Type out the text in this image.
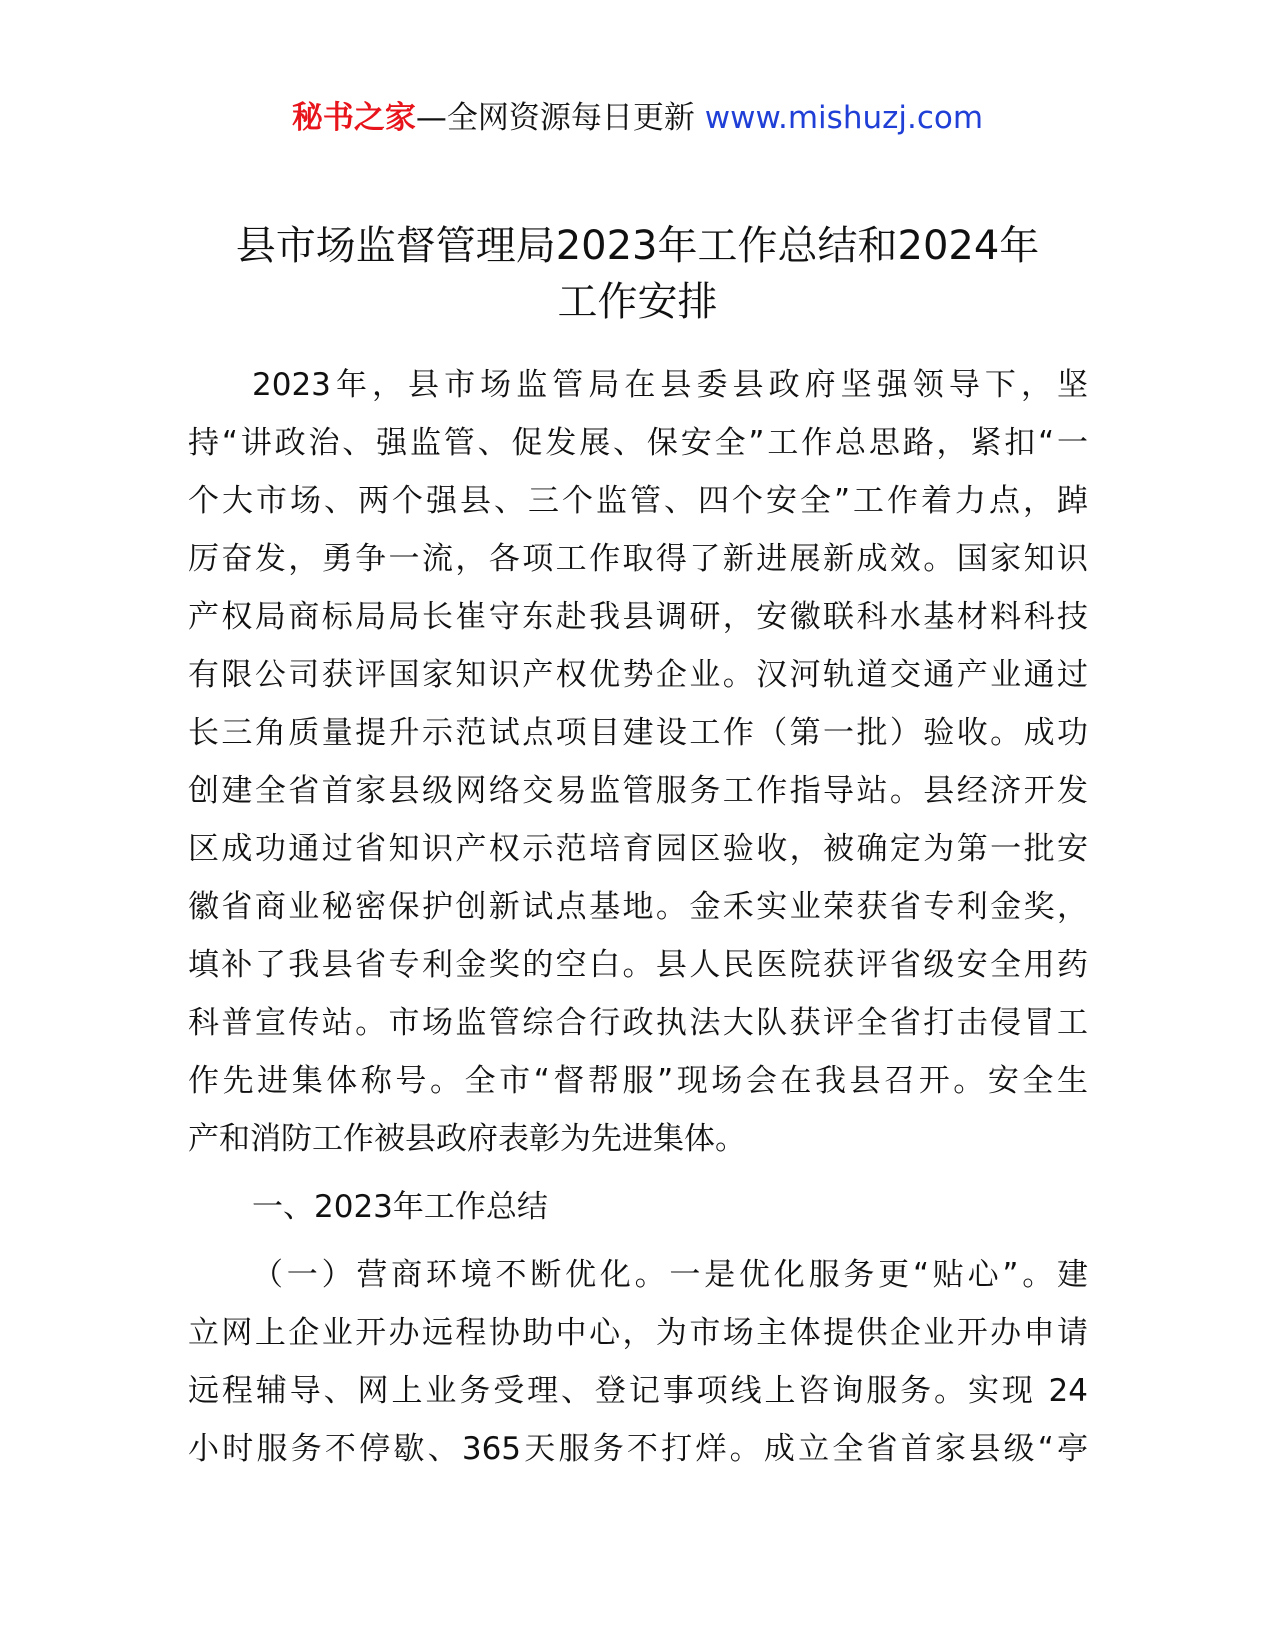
秘书之家—全网资源每日更新 www.mishuzj.com
县市场监督管理局2023年工作总结和2024年
工作安排
2023年，县市场监管局在县委县政府坚强领导下，坚
持“讲政治、强监管、促发展、保安全”工作总思路，紧扣“一
个大市场、两个强县、三个监管、四个安全”工作着力点，踔
厉奋发，勇争一流，各项工作取得了新进展新成效。国家知识
产权局商标局局长崔守东赴我县调研，安徽联科水基材料科技
有限公司获评国家知识产权优势企业。汉河轨道交通产业通过
长三角质量提升示范试点项目建设工作（第一批）验收。成功
创建全省首家县级网络交易监管服务工作指导站。县经济开发
区成功通过省知识产权示范培育园区验收，被确定为第一批安
徽省商业秘密保护创新试点基地。金禾实业荣获省专利金奖，
填补了我县省专利金奖的空白。县人民医院获评省级安全用药
科普宣传站。市场监管综合行政执法大队获评全省打击侵冒工
作先进集体称号。全市“督帮服”现场会在我县召开。安全生
产和消防工作被县政府表彰为先进集体。
一、2023年工作总结
（一）营商环境不断优化。一是优化服务更“贴心”。建
立网上企业开办远程协助中心，为市场主体提供企业开办申请
远程辅导、网上业务受理、登记事项线上咨询服务。实现 24
小时服务不停歇、365天服务不打烊。成立全省首家县级“亭
